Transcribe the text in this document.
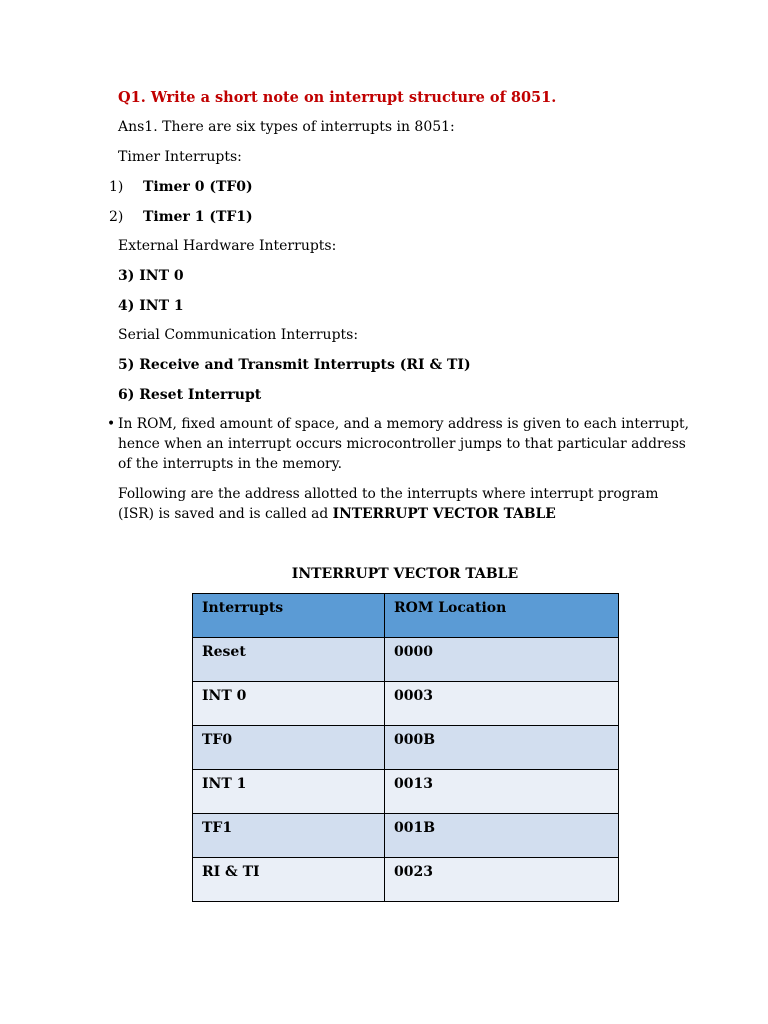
Q1. Write a short note on interrupt structure of 8051.
Ans1. There are six types of interrupts in 8051:
Timer Interrupts:
1)	Timer 0 (TF0)
2)	Timer 1 (TF1)
External Hardware Interrupts:
3) INT 0
4) INT 1
Serial Communication Interrupts:
5) Receive and Transmit Interrupts (RI & TI)
6) Reset Interrupt
• In ROM, fixed amount of space, and a memory address is given to each interrupt, hence when an interrupt occurs microcontroller jumps to that particular address of the interrupts in the memory.
Following are the address allotted to the interrupts where interrupt program (ISR) is saved and is called ad INTERRUPT VECTOR TABLE
INTERRUPT VECTOR TABLE
Interrupts	ROM Location
Reset	0000
INT 0	0003
TF0	000B
INT 1	0013
TF1	001B
RI & TI	0023
